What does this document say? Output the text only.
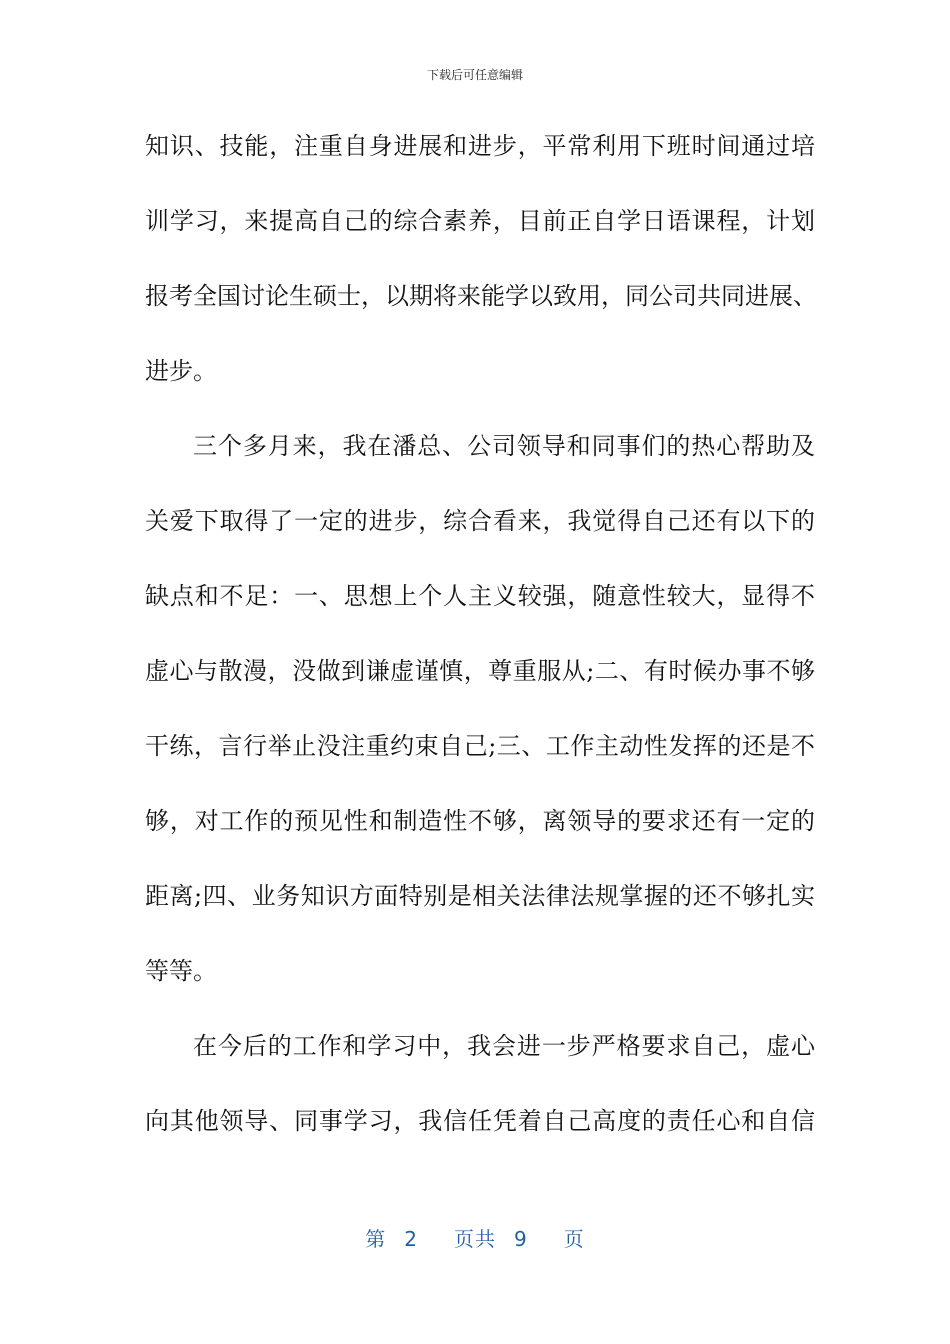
下载后可任意编辑
知识、技能，注重自身进展和进步，平常利用下班时间通过培
训学习，来提高自己的综合素养，目前正自学日语课程，计划
报考全国讨论生硕士，以期将来能学以致用，同公司共同进展、
进步。
三个多月来，我在潘总、公司领导和同事们的热心帮助及
关爱下取得了一定的进步，综合看来，我觉得自己还有以下的
缺点和不足：一、思想上个人主义较强，随意性较大，显得不
虚心与散漫，没做到谦虚谨慎，尊重服从;二、有时候办事不够
干练，言行举止没注重约束自己;三、工作主动性发挥的还是不
够，对工作的预见性和制造性不够，离领导的要求还有一定的
距离;四、业务知识方面特别是相关法律法规掌握的还不够扎实
等等。
在今后的工作和学习中，我会进一步严格要求自己，虚心
向其他领导、同事学习，我信任凭着自己高度的责任心和自信
第 2 页共 9 页
